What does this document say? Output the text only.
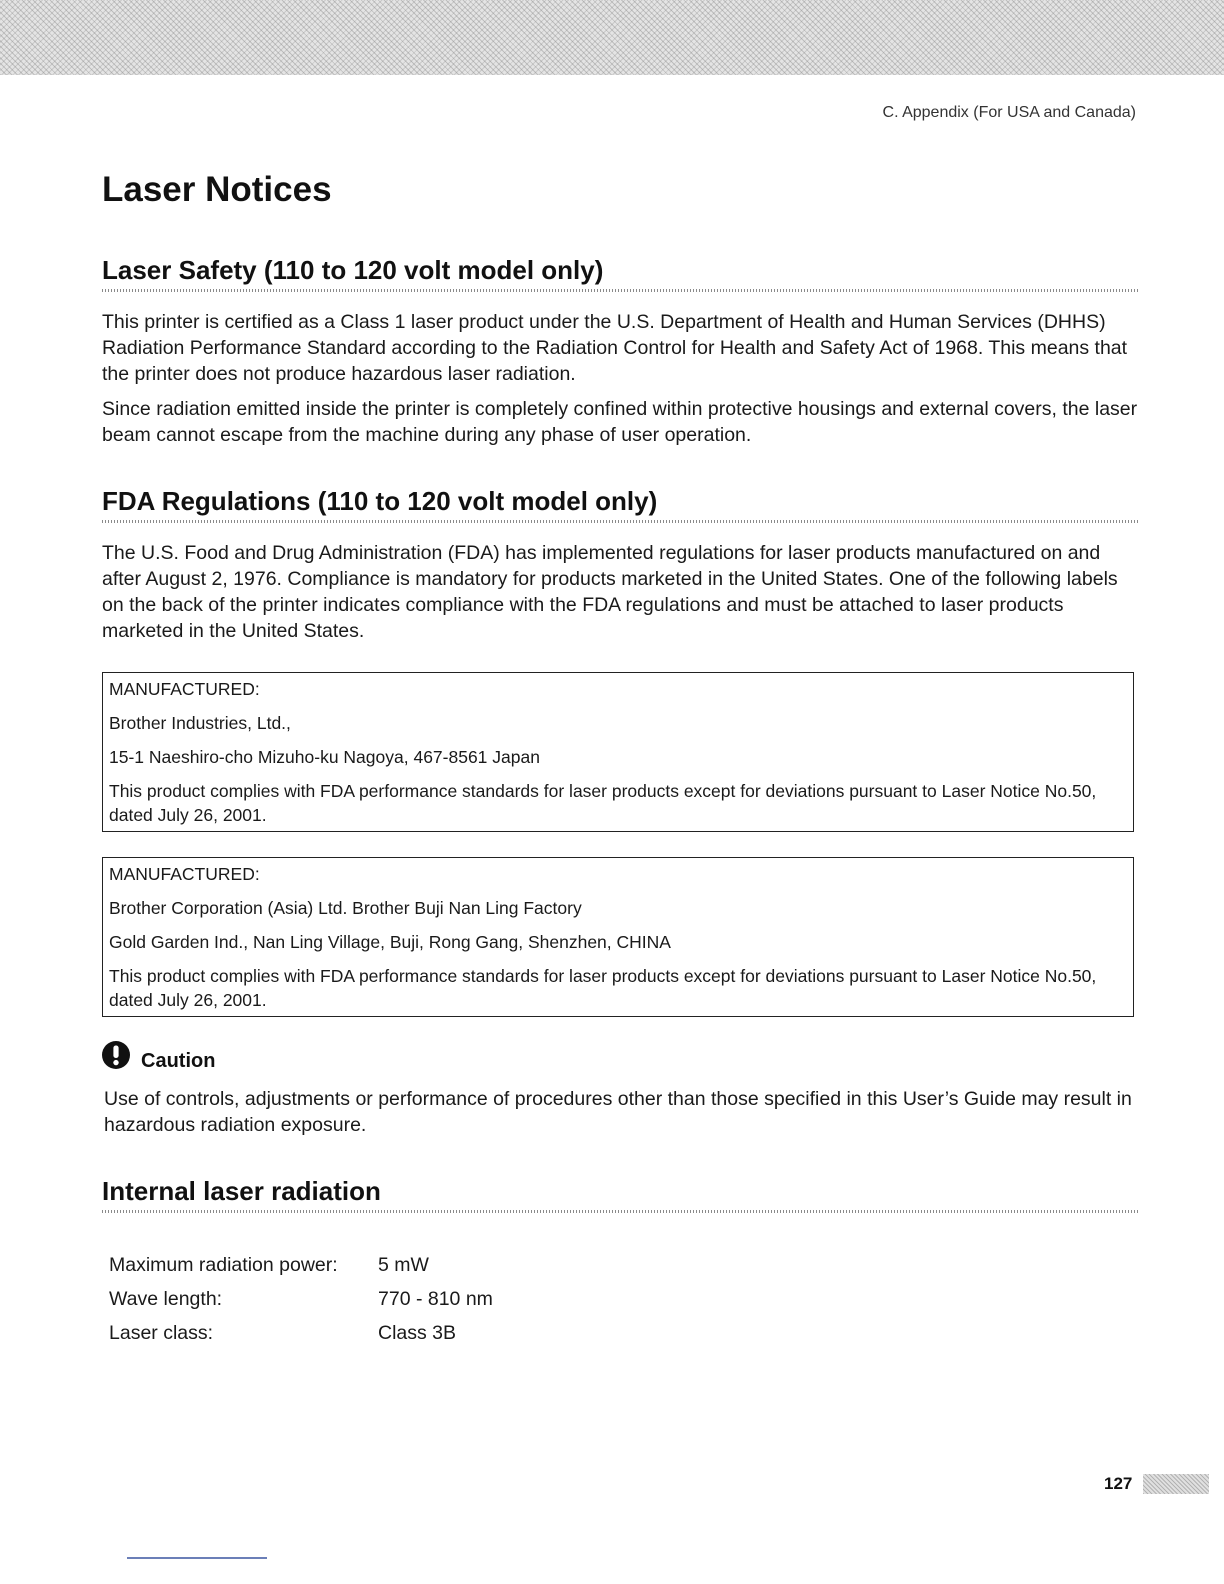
C. Appendix (For USA and Canada)
Laser Notices
Laser Safety (110 to 120 volt model only)

This printer is certified as a Class 1 laser product under the U.S. Department of Health and Human Services (DHHS) Radiation Performance Standard according to the Radiation Control for Health and Safety Act of 1968. This means that the printer does not produce hazardous laser radiation.

Since radiation emitted inside the printer is completely confined within protective housings and external covers, the laser beam cannot escape from the machine during any phase of user operation.

FDA Regulations (110 to 120 volt model only)

The U.S. Food and Drug Administration (FDA) has implemented regulations for laser products manufactured on and after August 2, 1976. Compliance is mandatory for products marketed in the United States. One of the following labels on the back of the printer indicates compliance with the FDA regulations and must be attached to laser products marketed in the United States.

MANUFACTURED:
Brother Industries, Ltd.,
15-1 Naeshiro-cho Mizuho-ku Nagoya, 467-8561 Japan
This product complies with FDA performance standards for laser products except for deviations pursuant to Laser Notice No.50, dated July 26, 2001.
MANUFACTURED:
Brother Corporation (Asia) Ltd. Brother Buji Nan Ling Factory
Gold Garden Ind., Nan Ling Village, Buji, Rong Gang, Shenzhen, CHINA
This product complies with FDA performance standards for laser products except for deviations pursuant to Laser Notice No.50, dated July 26, 2001.
Caution

Use of controls, adjustments or performance of procedures other than those specified in this User’s Guide may result in hazardous radiation exposure.

Internal laser radiation
Maximum radiation power: 5 mW
Wave length:	770 - 810 nm
Laser class:	Class 3B
127
